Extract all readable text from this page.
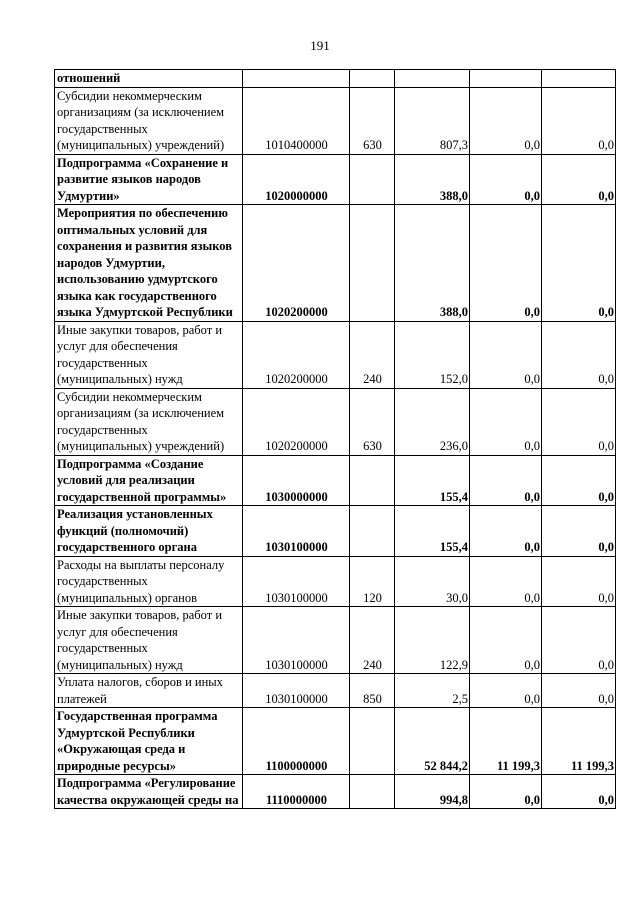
191
отношений					
Субсидии некоммерческим организациям (за исключением государственных (муниципальных) учреждений)	1010400000	630	807,3	0,0	0,0
Подпрограмма «Сохранение и развитие языков народов Удмуртии»	1020000000		388,0	0,0	0,0
Мероприятия по обеспечению оптимальных условий для сохранения и развития языков народов Удмуртии, использованию удмуртского языка как государственного языка Удмуртской Республики	1020200000		388,0	0,0	0,0
Иные закупки товаров, работ и услуг для обеспечения государственных (муниципальных) нужд	1020200000	240	152,0	0,0	0,0
Субсидии некоммерческим организациям (за исключением государственных (муниципальных) учреждений)	1020200000	630	236,0	0,0	0,0
Подпрограмма «Создание условий для реализации государственной программы»	1030000000		155,4	0,0	0,0
Реализация установленных функций (полномочий) государственного органа	1030100000		155,4	0,0	0,0
Расходы на выплаты персоналу государственных (муниципальных) органов	1030100000	120	30,0	0,0	0,0
Иные закупки товаров, работ и услуг для обеспечения государственных (муниципальных) нужд	1030100000	240	122,9	0,0	0,0
Уплата налогов, сборов и иных платежей	1030100000	850	2,5	0,0	0,0
Государственная программа Удмуртской Республики «Окружающая среда и природные ресурсы»	1100000000		52 844,2	11 199,3	11 199,3
Подпрограмма «Регулирование качества окружающей среды на	1110000000		994,8	0,0	0,0
